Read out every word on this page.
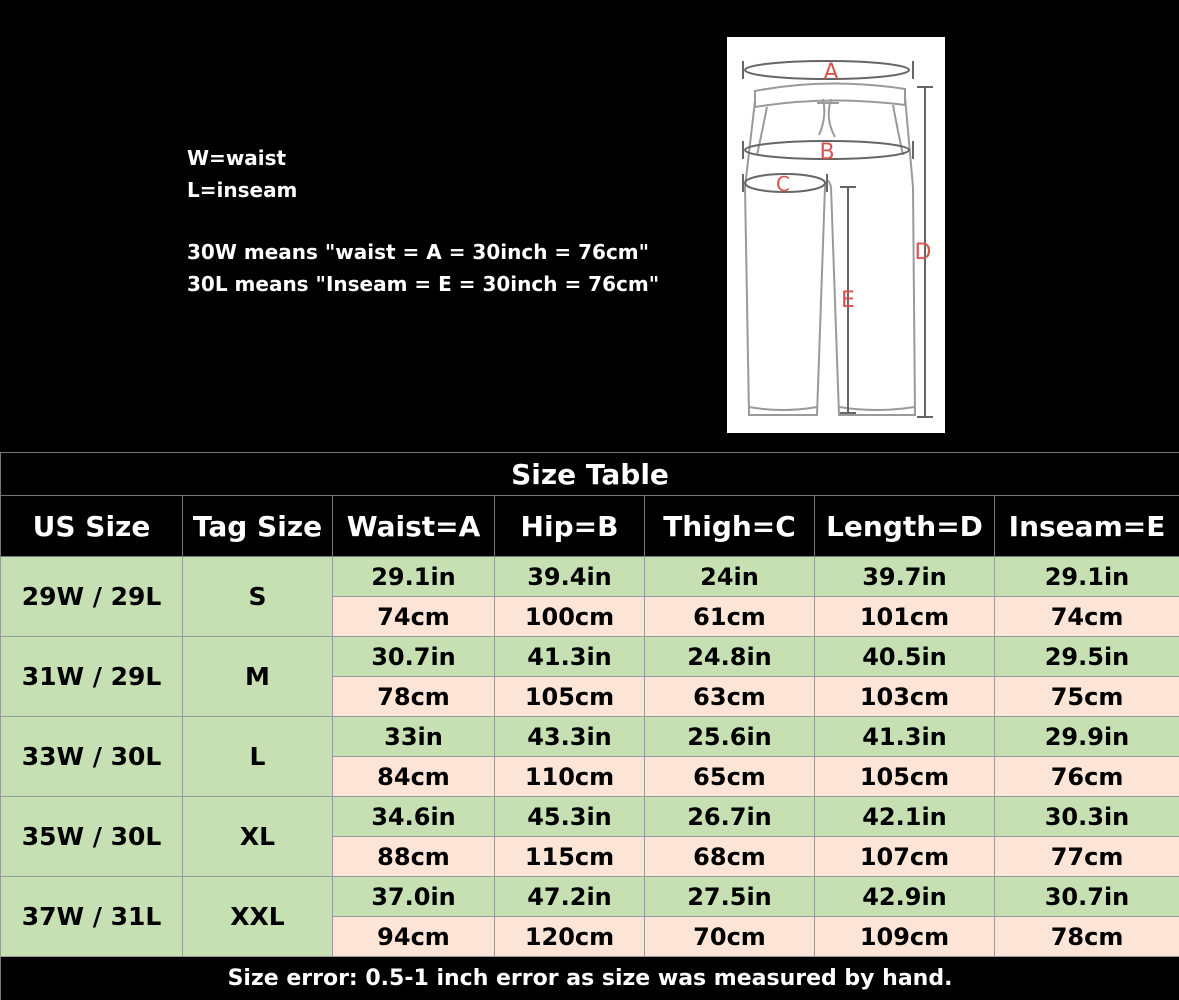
W=waist
L=inseam
30W means "waist = A = 30inch = 76cm"
30L means "Inseam = E = 30inch = 76cm"
A
B
C
D
E
Size Table						
US Size	Tag Size	Waist=A	Hip=B	Thigh=C	Length=D	Inseam=E
29W / 29L	S	29.1in	39.4in	24in	39.7in	29.1in
		74cm	100cm	61cm	101cm	74cm
31W / 29L	M	30.7in	41.3in	24.8in	40.5in	29.5in
		78cm	105cm	63cm	103cm	75cm
33W / 30L	L	33in	43.3in	25.6in	41.3in	29.9in
		84cm	110cm	65cm	105cm	76cm
35W / 30L	XL	34.6in	45.3in	26.7in	42.1in	30.3in
		88cm	115cm	68cm	107cm	77cm
37W / 31L	XXL	37.0in	47.2in	27.5in	42.9in	30.7in
		94cm	120cm	70cm	109cm	78cm
Size error: 0.5-1 inch error as size was measured by hand.						
